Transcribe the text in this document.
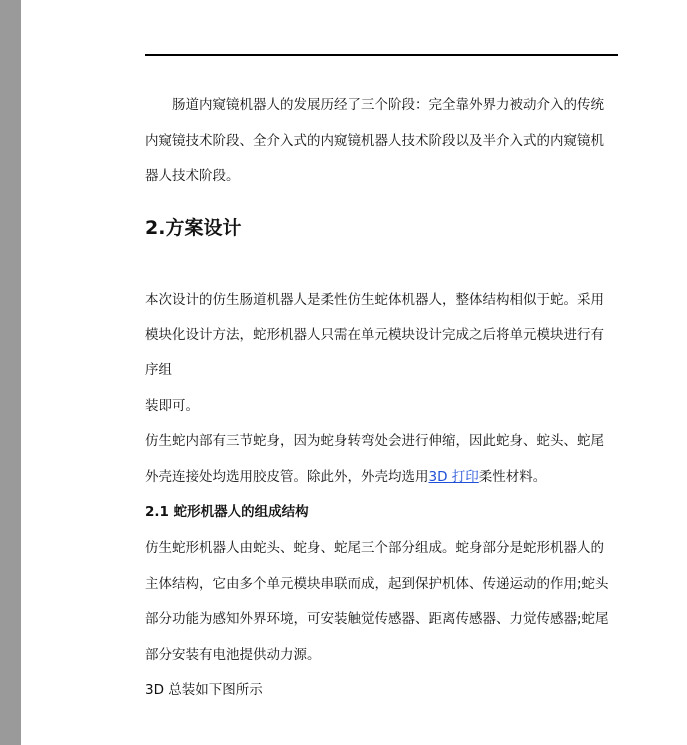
肠道内窥镜机器人的发展历经了三个阶段：完全靠外界力被动介入的传统
内窥镜技术阶段、全介入式的内窥镜机器人技术阶段以及半介入式的内窥镜机
器人技术阶段。
2.方案设计
本次设计的仿生肠道机器人是柔性仿生蛇体机器人，整体结构相似于蛇。采用
模块化设计方法，蛇形机器人只需在单元模块设计完成之后将单元模块进行有
序组
装即可。
仿生蛇内部有三节蛇身，因为蛇身转弯处会进行伸缩，因此蛇身、蛇头、蛇尾
外壳连接处均选用胶皮管。除此外，外壳均选用3D 打印柔性材料。
2.1 蛇形机器人的组成结构
仿生蛇形机器人由蛇头、蛇身、蛇尾三个部分组成。蛇身部分是蛇形机器人的
主体结构，它由多个单元模块串联而成，起到保护机体、传递运动的作用;蛇头
部分功能为感知外界环境，可安装触觉传感器、距离传感器、力觉传感器;蛇尾
部分安装有电池提供动力源。
3D 总装如下图所示
